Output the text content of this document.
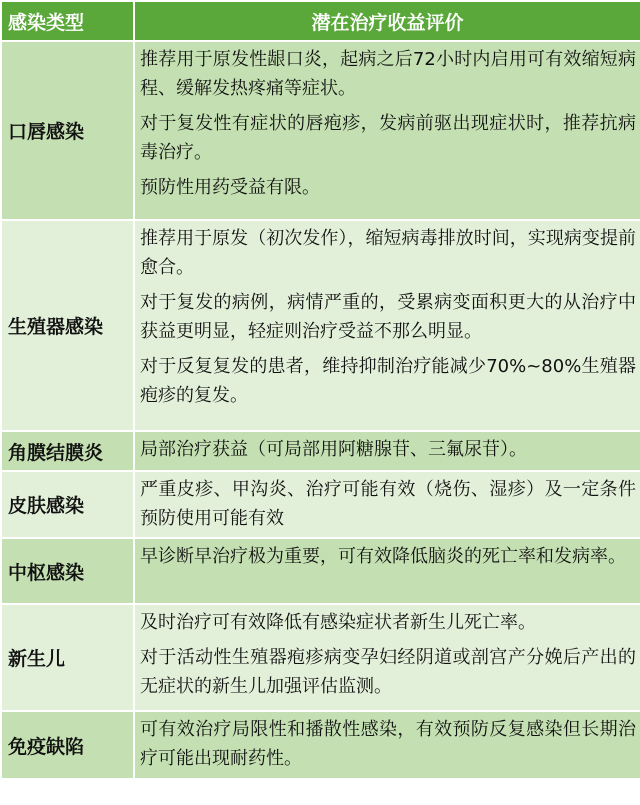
感染类型	潜在治疗收益评价
口唇感染	推荐用于原发性龈口炎，起病之后72小时内启用可有效缩短病程、缓解发热疼痛等症状。
对于复发性有症状的唇疱疹，发病前驱出现症状时，推荐抗病毒治疗。
预防性用药受益有限。

生殖器感染	推荐用于原发（初次发作），缩短病毒排放时间，实现病变提前愈合。
对于复发的病例，病情严重的，受累病变面积更大的从治疗中获益更明显，轻症则治疗受益不那么明显。
对于反复复发的患者，维持抑制治疗能减少70%~80%生殖器疱疹的复发。

角膜结膜炎	局部治疗获益（可局部用阿糖腺苷、三氟尿苷）。

皮肤感染	严重皮疹、甲沟炎、治疗可能有效（烧伤、湿疹）及一定条件预防使用可能有效

中枢感染	早诊断早治疗极为重要，可有效降低脑炎的死亡率和发病率。

新生儿	及时治疗可有效降低有感染症状者新生儿死亡率。
对于活动性生殖器疱疹病变孕妇经阴道或剖宫产分娩后产出的无症状的新生儿加强评估监测。

免疫缺陷	可有效治疗局限性和播散性感染，有效预防反复感染但长期治疗可能出现耐药性。
